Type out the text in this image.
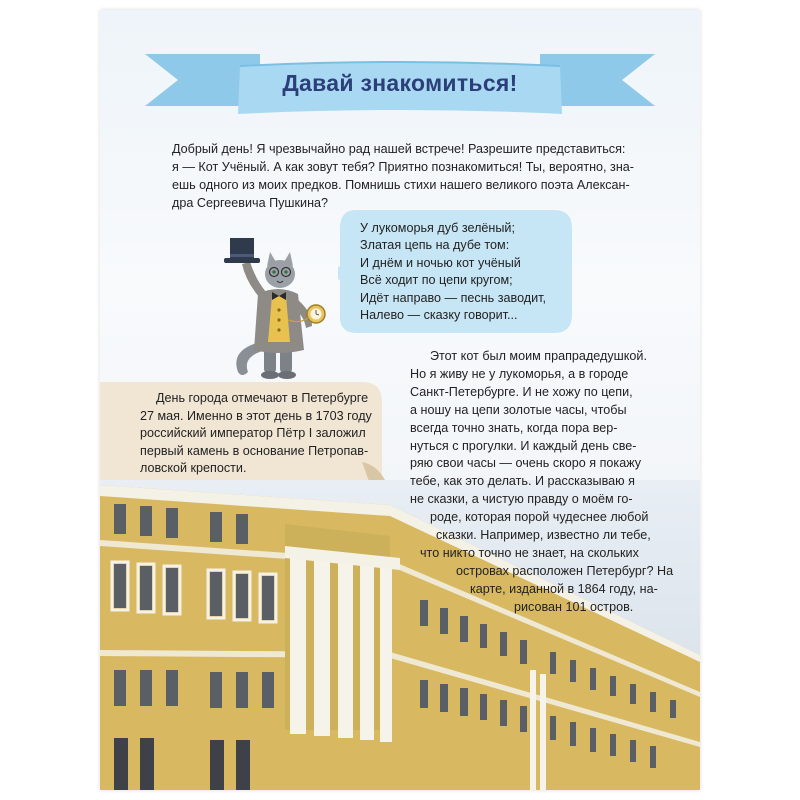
Давай знакомиться!

Добрый день! Я чрезвычайно рад нашей встрече! Разрешите представиться:

я — Кот Учёный. А как зовут тебя? Приятно познакомиться! Ты, вероятно, зна-

ешь одного из моих предков. Помнишь стихи нашего великого поэта Алексан-

дра Сергеевича Пушкина?

У лукоморья дуб зелёный;
Златая цепь на дубе том:
И днём и ночью кот учёный
Всё ходит по цепи кругом;
Идёт направо — песнь заводит,
Налево — сказку говорит...
День города отмечают в Петербурге
27 мая. Именно в этот день в 1703 году
российский император Пётр I заложил
первый камень в основание Петропав-
ловской крепости.
Этот кот был моим прапрадедушкой.
Но я живу не у лукоморья, а в городе
Санкт-Петербурге. И не хожу по цепи,
а ношу на цепи золотые часы, чтобы
всегда точно знать, когда пора вер-
нуться с прогулки. И каждый день све-
ряю свои часы — очень скоро я покажу
тебе, как это делать. И рассказываю я
не сказки, а чистую правду о моём го-
роде, которая порой чудеснее любой
сказки. Например, известно ли тебе,
что никто точно не знает, на скольких
островах расположен Петербург? На
карте, изданной в 1864 году, на-
рисован 101 остров.
